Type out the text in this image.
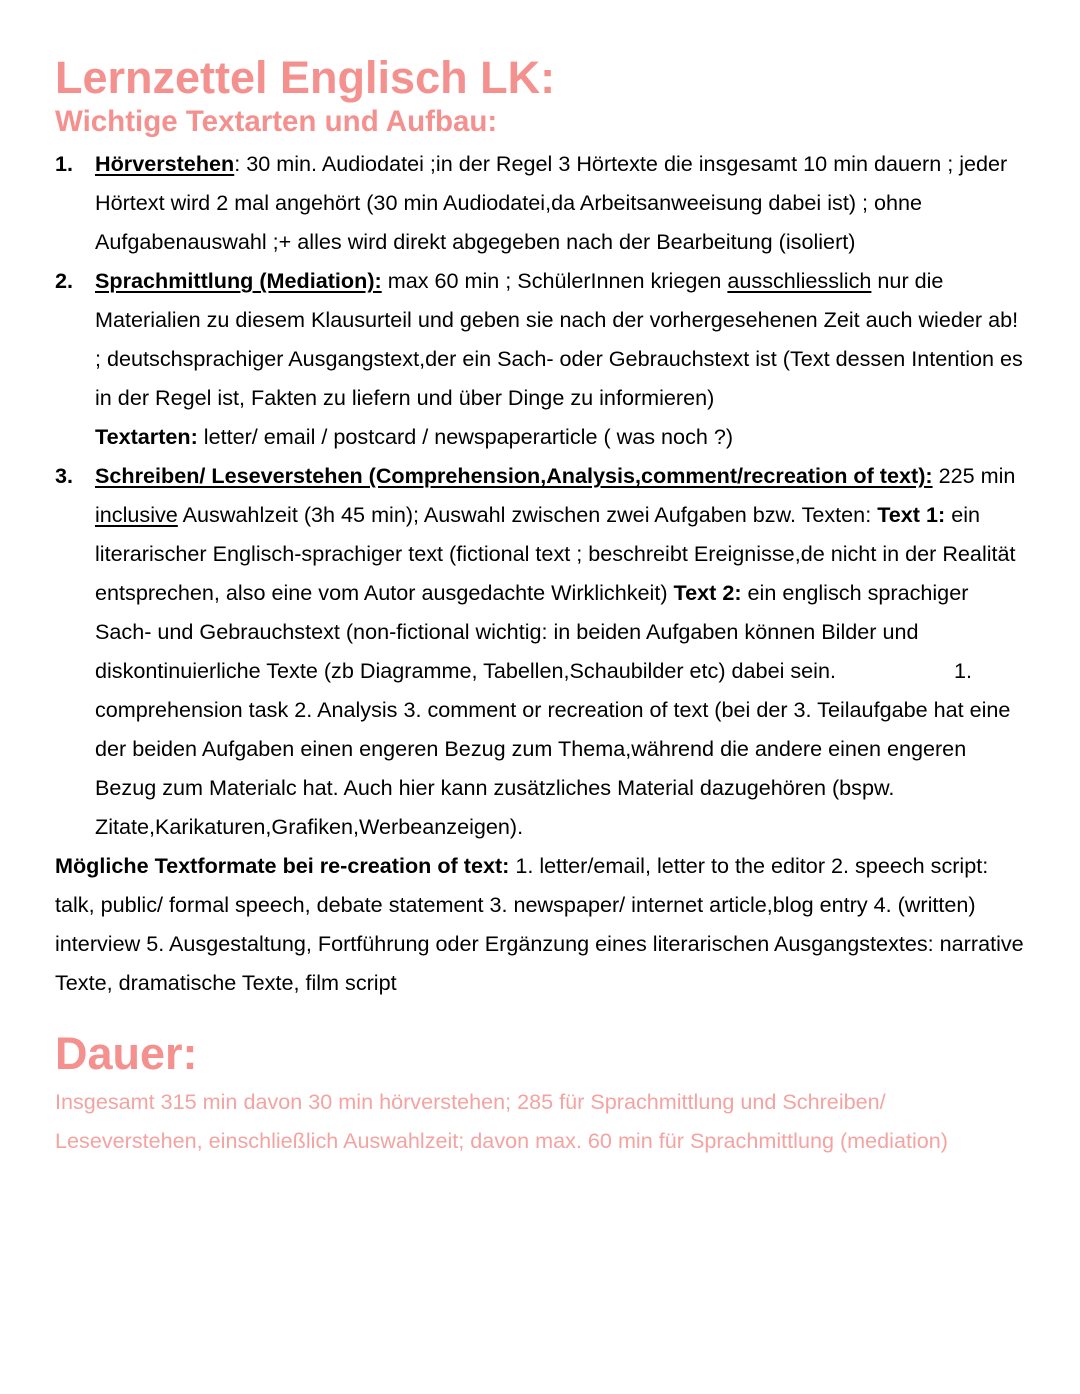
Lernzettel Englisch LK:
Wichtige Textarten und Aufbau:
1. Hörverstehen: 30 min. Audiodatei ;in der Regel 3 Hörtexte die insgesamt 10 min dauern ; jeder Hörtext wird 2 mal angehört (30 min Audiodatei,da Arbeitsanweeisung dabei ist) ; ohne Aufgabenauswahl ;+ alles wird direkt abgegeben nach der Bearbeitung (isoliert)
2. Sprachmittlung (Mediation): max 60 min ; SchülerInnen kriegen ausschliesslich nur die Materialien zu diesem Klausurteil und geben sie nach der vorhergesehenen Zeit auch wieder ab! ; deutschsprachiger Ausgangstext,der ein Sach- oder Gebrauchstext ist (Text dessen Intention es in der Regel ist, Fakten zu liefern und über Dinge zu informieren)
Textarten: letter/ email / postcard / newspaperarticle ( was noch ?)
3. Schreiben/ Leseverstehen (Comprehension,Analysis,comment/recreation of text): 225 min inclusive Auswahlzeit (3h 45 min); Auswahl zwischen zwei Aufgaben bzw. Texten: Text 1: ein literarischer Englisch-sprachiger text (fictional text ; beschreibt Ereignisse,de nicht in der Realität entsprechen, also eine vom Autor ausgedachte Wirklichkeit) Text 2: ein englisch sprachiger Sach- und Gebrauchstext (non-fictional wichtig: in beiden Aufgaben können Bilder und diskontinuierliche Texte (zb Diagramme, Tabellen,Schaubilder etc) dabei sein.	1. comprehension task 2. Analysis 3. comment or recreation of text (bei der 3. Teilaufgabe hat eine der beiden Aufgaben einen engeren Bezug zum Thema,während die andere einen engeren Bezug zum Materialc hat. Auch hier kann zusätzliches Material dazugehören (bspw. Zitate,Karikaturen,Grafiken,Werbeanzeigen).
Mögliche Textformate bei re-creation of text: 1. letter/email, letter to the editor 2. speech script: talk, public/ formal speech, debate statement 3. newspaper/ internet article,blog entry 4. (written) interview 5. Ausgestaltung, Fortführung oder Ergänzung eines literarischen Ausgangstextes: narrative Texte, dramatische Texte, film script
Dauer:
Insgesamt 315 min davon 30 min hörverstehen; 285 für Sprachmittlung und Schreiben/ Leseverstehen, einschließlich Auswahlzeit; davon max. 60 min für Sprachmittlung (mediation)
